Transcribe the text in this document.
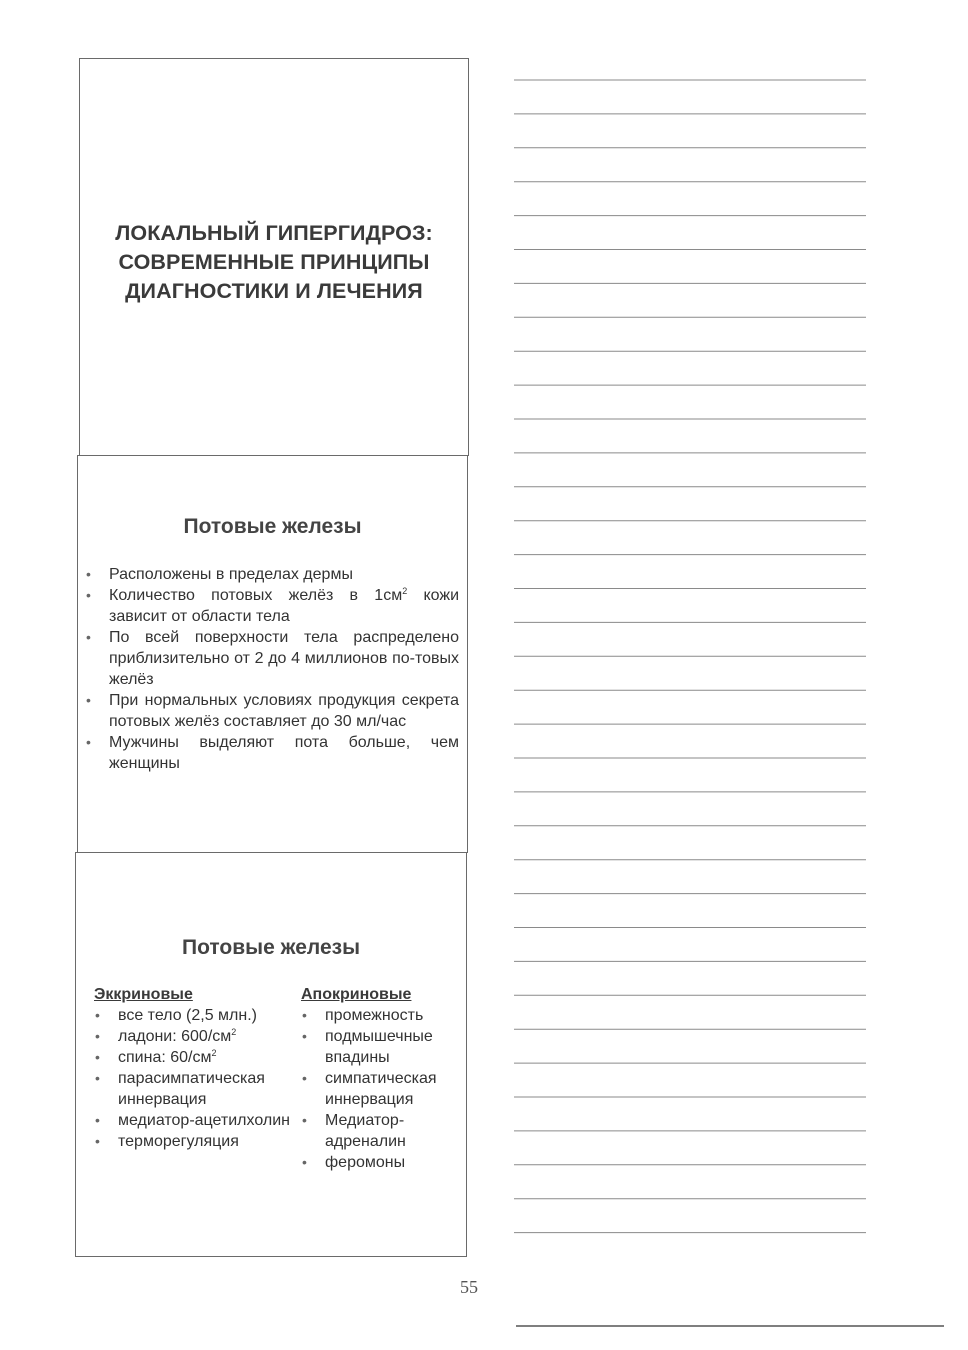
ЛОКАЛЬНЫЙ ГИПЕРГИДРОЗ:
СОВРЕМЕННЫЕ ПРИНЦИПЫ
ДИАГНОСТИКИ И ЛЕЧЕНИЯ
Потовые железы
• Расположены в пределах дермы
• Количество потовых желёз в $1см^2$ кожи зависит от области тела
• По всей поверхности тела распределено приблизительно от 2 до 4 миллионов по-товых желёз
• При нормальных условиях продукция секрета потовых желёз составляет до 30 мл/час
• Мужчины выделяют пота больше, чем женщины
Потовые железы
Эккриновые
• все тело (2,5 млн.)
• ладони: $600/см^2$
• спина: $60/см^2$
• парасимпатическая иннервация
• медиатор-ацетилхолин
• терморегуляция
Апокриновые
• промежность
• подмышечные впадины
• симпатическая иннервация
• Медиатор-адреналин
• феромоны
55
